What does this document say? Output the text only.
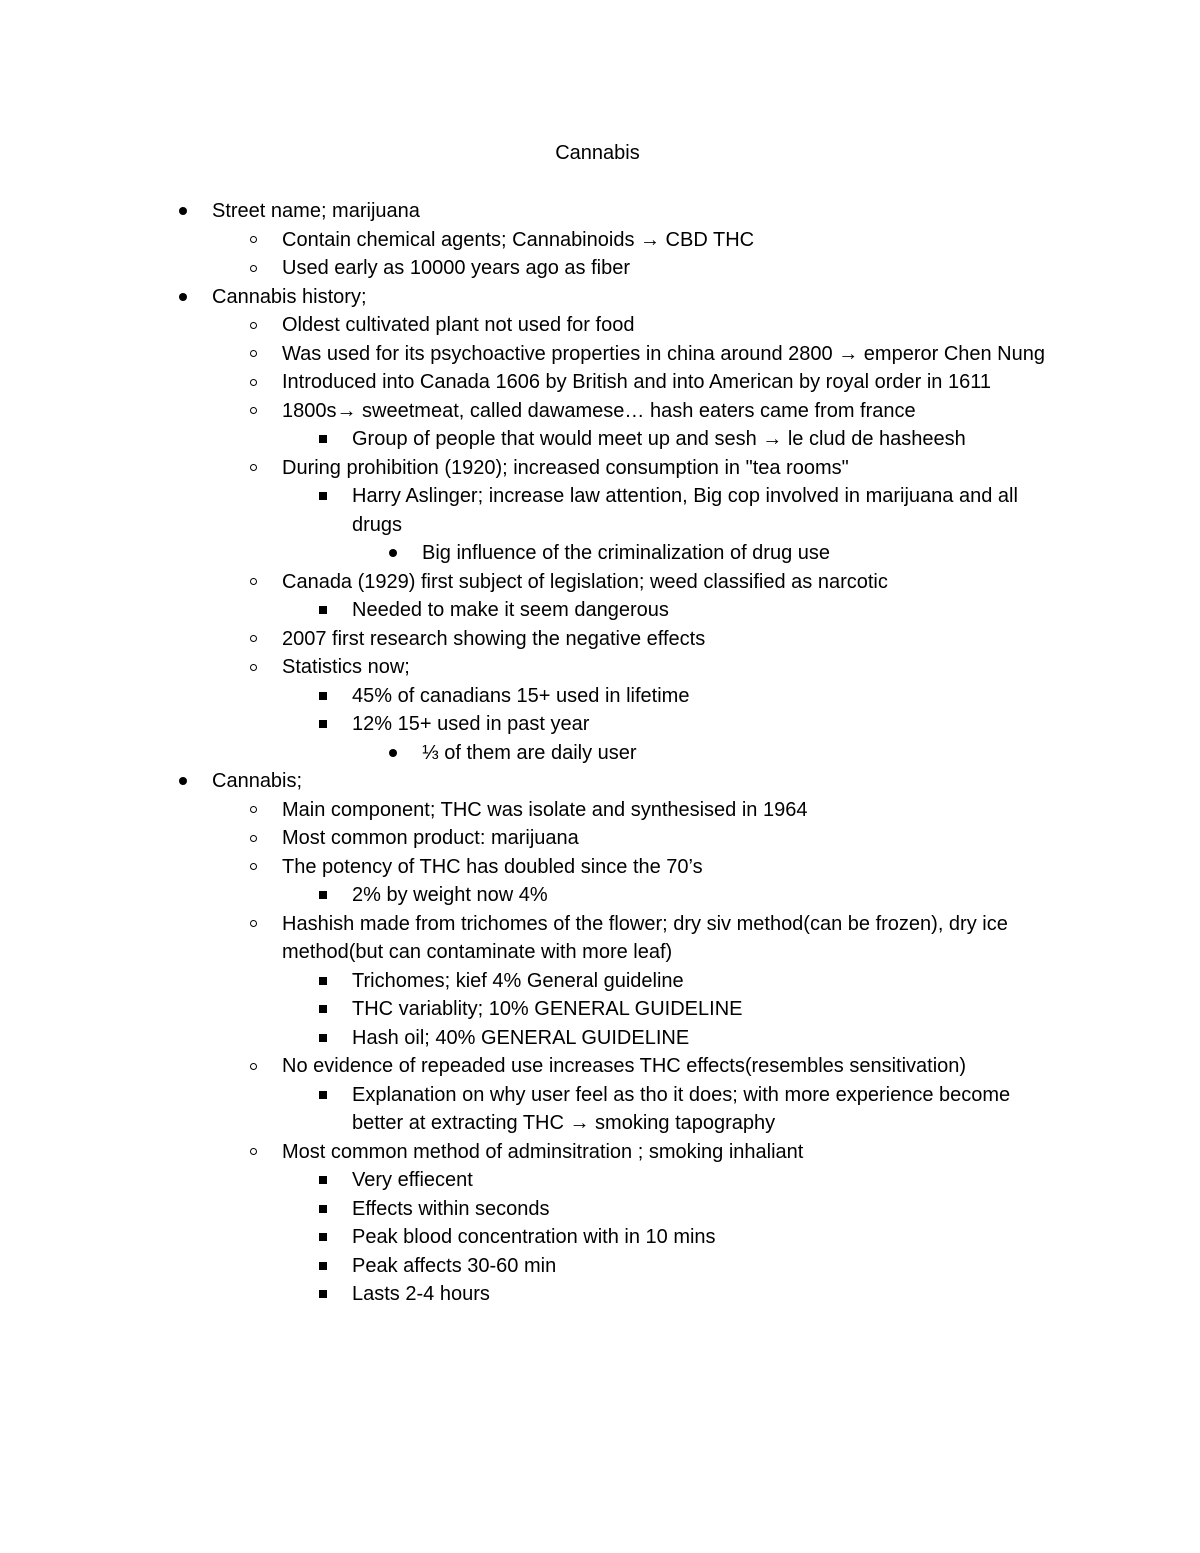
Cannabis
Street name; marijuana
Contain chemical agents; Cannabinoids → CBD THC
Used early as 10000 years ago as fiber
Cannabis history;
Oldest cultivated plant not used for food
Was used for its psychoactive properties in china around 2800 → emperor Chen Nung
Introduced into Canada 1606 by British and into American by royal order in 1611
1800s→ sweetmeat, called dawamese… hash eaters came from france
Group of people that would meet up and sesh → le clud de hasheesh
During prohibition (1920); increased consumption in "tea rooms"
Harry Aslinger; increase law attention, Big cop involved in marijuana and all drugs
Big influence of the criminalization of drug use
Canada (1929) first subject of legislation; weed classified as narcotic
Needed to make it seem dangerous
2007 first research showing the negative effects
Statistics now;
45% of canadians 15+ used in lifetime
12% 15+ used in past year
⅓ of them are daily user
Cannabis;
Main component; THC was isolate and synthesised in 1964
Most common product: marijuana
The potency of THC has doubled since the 70’s
2% by weight now 4%
Hashish made from trichomes of the flower; dry siv method(can be frozen), dry ice method(but can contaminate with more leaf)
Trichomes; kief 4% General guideline
THC variablity; 10% GENERAL GUIDELINE
Hash oil; 40% GENERAL GUIDELINE
No evidence of repeaded use increases THC effects(resembles sensitivation)
Explanation on why user feel as tho it does; with more experience become better at extracting THC → smoking tapography
Most common method of adminsitration ; smoking inhaliant
Very effiecent
Effects within seconds
Peak blood concentration with in 10 mins
Peak affects 30-60 min
Lasts 2-4 hours
